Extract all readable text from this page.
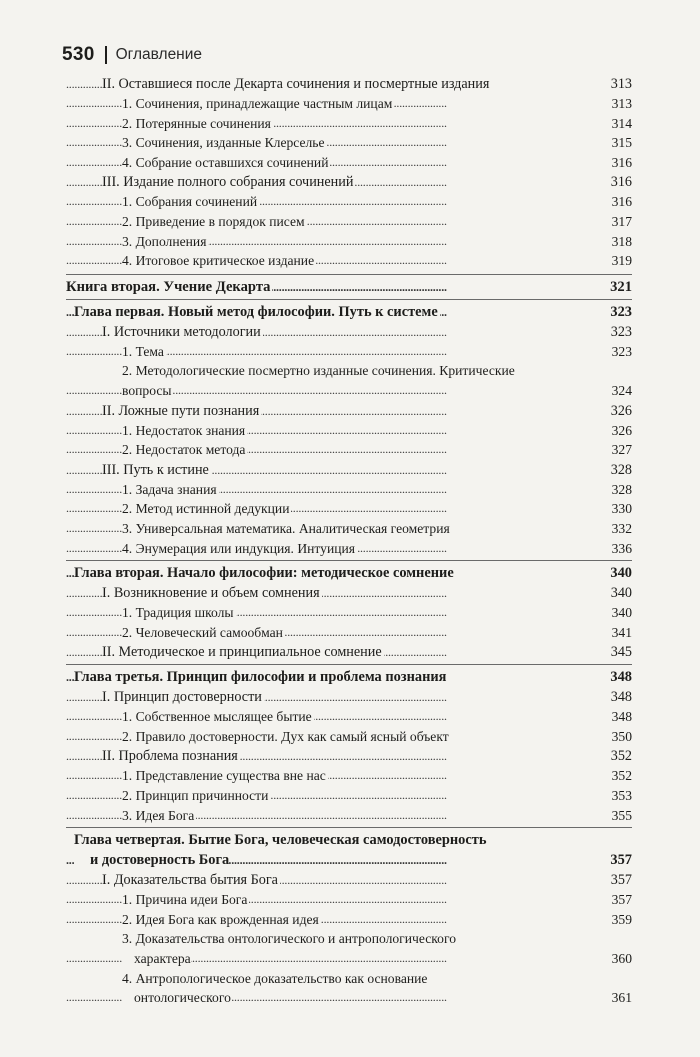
530 Оглавление
II. Оставшиеся после Декарта сочинения и посмертные издания	313
. . .
1. Сочинения, принадлежащие частным лицам	313
. . .
2. Потерянные сочинения	314
. . .
3. Сочинения, изданные Клерселье	315
. . .
4. Собрание оставшихся сочинений	316
. . .
III. Издание полного собрания сочинений	316
. . .
1. Собрания сочинений	316
. . .
2. Приведение в порядок писем	317
. . .
3. Дополнения	318
. . .
4. Итоговое критическое издание	319
. . .
Книга вторая. Учение Декарта	321
. . .
Глава первая. Новый метод философии. Путь к системе	323
. . .
I. Источники методологии	323
. . .
1. Тема	323
. . .
2. Методологические посмертно изданные сочинения. Критические
вопросы	324
. . .
II. Ложные пути познания	326
. . .
1. Недостаток знания	326
. . .
2. Недостаток метода	327
. . .
III. Путь к истине	328
. . .
1. Задача знания	328
. . .
2. Метод истинной дедукции	330
. . .
3. Универсальная математика. Аналитическая геометрия	332
. . .
4. Энумерация или индукция. Интуиция	336
. . .
Глава вторая. Начало философии: методическое сомнение	340
. . .
I. Возникновение и объем сомнения	340
. . .
1. Традиция школы	340
. . .
2. Человеческий самообман	341
. . .
II. Методическое и принципиальное сомнение	345
. . .
Глава третья. Принцип философии и проблема познания	348
. . .
I. Принцип достоверности	348
. . .
1. Собственное мыслящее бытие	348
. . .
2. Правило достоверности. Дух как самый ясный объект	350
. . .
II. Проблема познания	352
. . .
1. Представление существа вне нас	352
. . .
2. Принцип причинности	353
. . .
3. Идея Бога	355
. . .
Глава четвертая. Бытие Бога, человеческая самодостоверность
и достоверность Бога	357
. . .
I. Доказательства бытия Бога	357
. . .
1. Причина идеи Бога	357
. . .
2. Идея Бога как врожденная идея	359
. . .
3. Доказательства онтологического и антропологического
характера	360
. . .
4. Антропологическое доказательство как основание
онтологического	361
. . .
